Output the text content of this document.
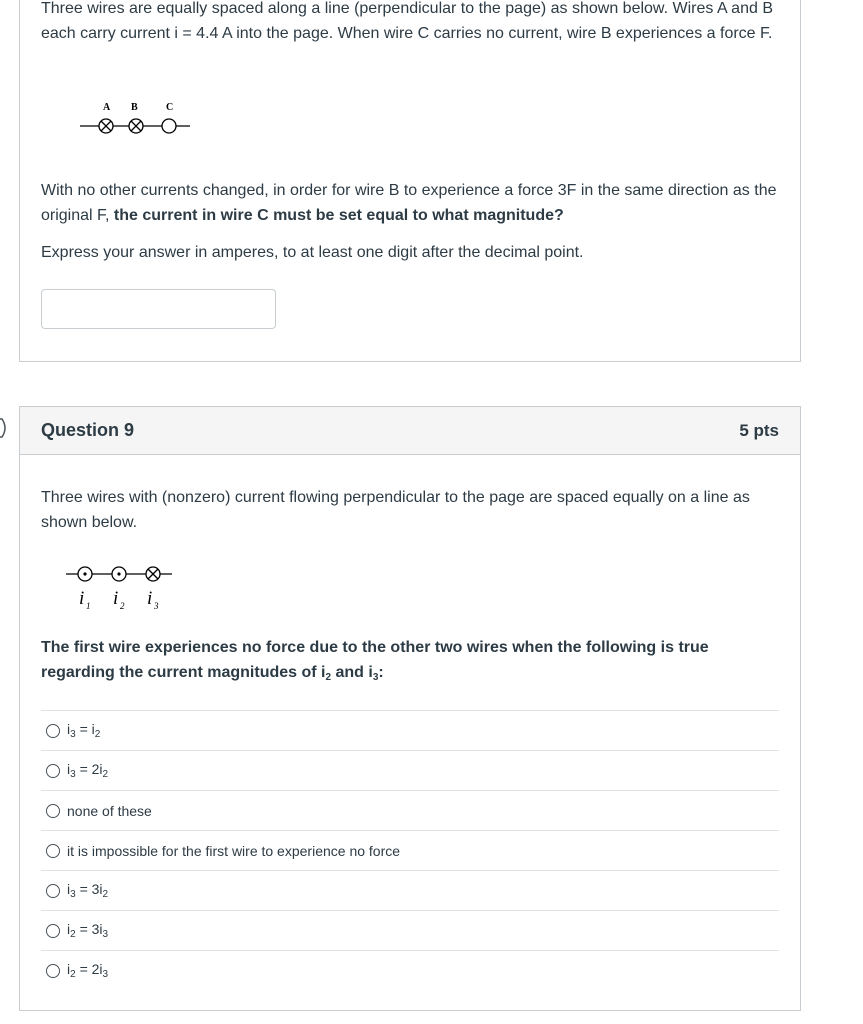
Three wires are equally spaced along a line (perpendicular to the page) as shown below. Wires A and B each carry current i = 4.4 A into the page. When wire C carries no current, wire B experiences a force F.

A B	C

With no other currents changed, in order for wire B to experience a force 3F in the same direction as the original F, the current in wire C must be set equal to what magnitude?

Express your answer in amperes, to at least one digit after the decimal point.

Question 9	5 pts

Three wires with (nonzero) current flowing perpendicular to the page are spaced equally on a line as shown below.

i 1 i 2 i 3

The first wire experiences no force due to the other two wires when the following is true regarding the current magnitudes of $i_2$ and $i_3$:

$i_3 = i_2$
$i_3 = 2i_2$
none of these
it is impossible for the first wire to experience no force
$i_3 = 3i_2$
$i_2 = 3i_3$
$i_2 = 2i_3$
